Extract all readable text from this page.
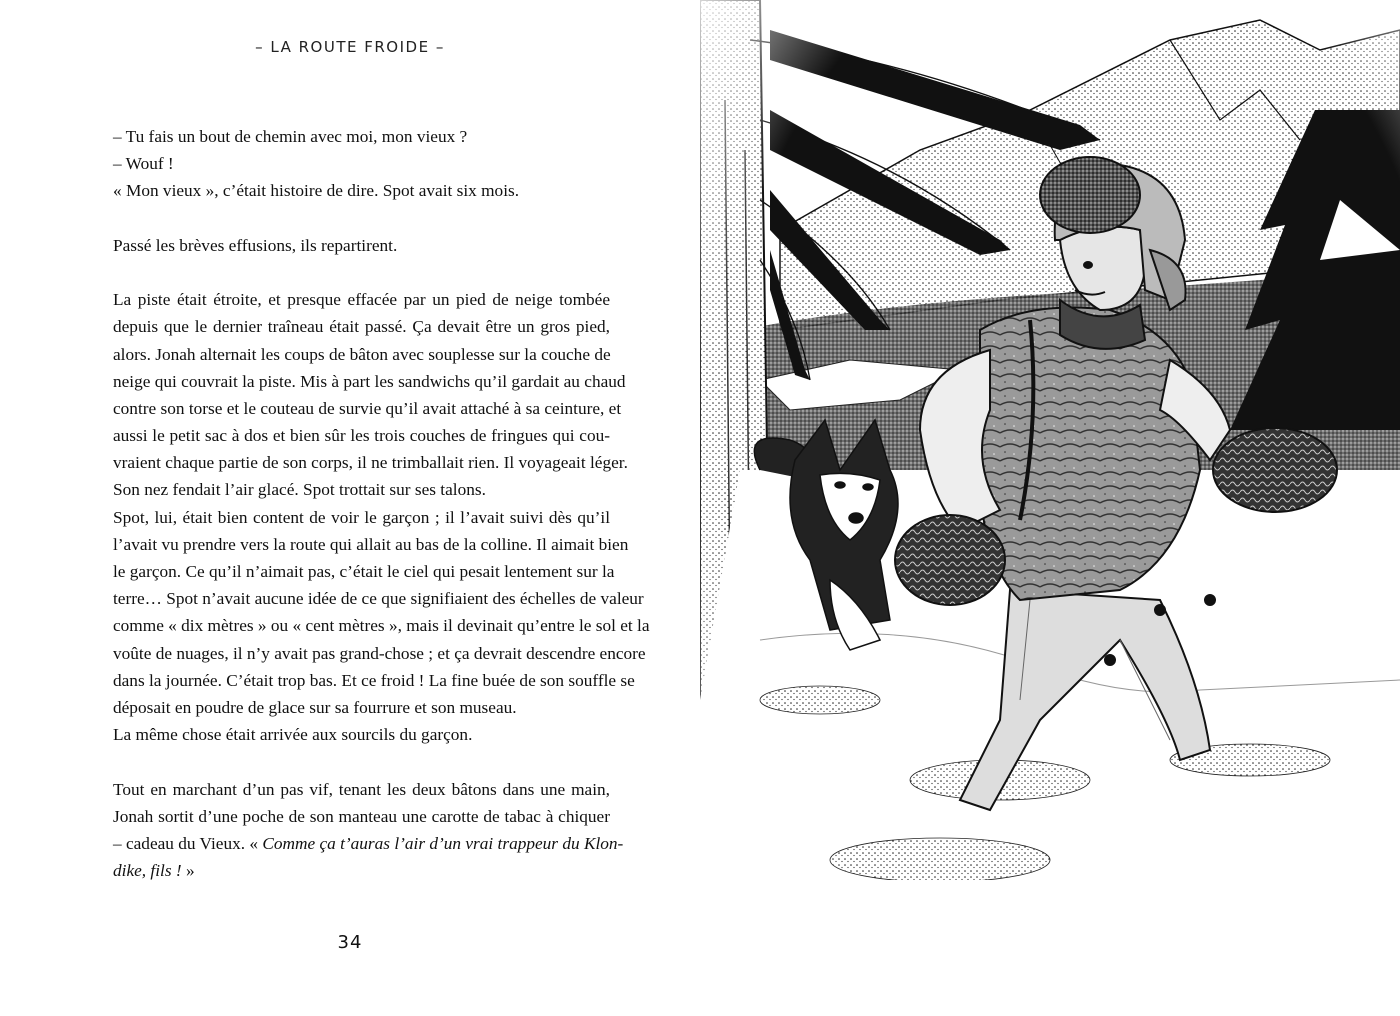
– LA ROUTE FROIDE –
– Tu fais un bout de chemin avec moi, mon vieux ?
– Wouf !
« Mon vieux », c’était histoire de dire. Spot avait six mois.
Passé les brèves effusions, ils repartirent.
La piste était étroite, et presque effacée par un pied de neige tombée
depuis que le dernier traîneau était passé. Ça devait être un gros pied,
alors. Jonah alternait les coups de bâton avec souplesse sur la couche de
neige qui couvrait la piste. Mis à part les sandwichs qu’il gardait au chaud
contre son torse et le couteau de survie qu’il avait attaché à sa ceinture, et
aussi le petit sac à dos et bien sûr les trois couches de fringues qui cou-
vraient chaque partie de son corps, il ne trimballait rien. Il voyageait léger.
Son nez fendait l’air glacé. Spot trottait sur ses talons.
Spot, lui, était bien content de voir le garçon ; il l’avait suivi dès qu’il
l’avait vu prendre vers la route qui allait au bas de la colline. Il aimait bien
le garçon. Ce qu’il n’aimait pas, c’était le ciel qui pesait lentement sur la
terre… Spot n’avait aucune idée de ce que signifiaient des échelles de valeur
comme « dix mètres » ou « cent mètres », mais il devinait qu’entre le sol et la
voûte de nuages, il n’y avait pas grand-chose ; et ça devrait descendre encore
dans la journée. C’était trop bas. Et ce froid ! La fine buée de son souffle se
déposait en poudre de glace sur sa fourrure et son museau.
La même chose était arrivée aux sourcils du garçon.
Tout en marchant d’un pas vif, tenant les deux bâtons dans une main,
Jonah sortit d’une poche de son manteau une carotte de tabac à chiquer
– cadeau du Vieux. « Comme ça t’auras l’air d’un vrai trappeur du Klon-
dike, fils ! »
34
